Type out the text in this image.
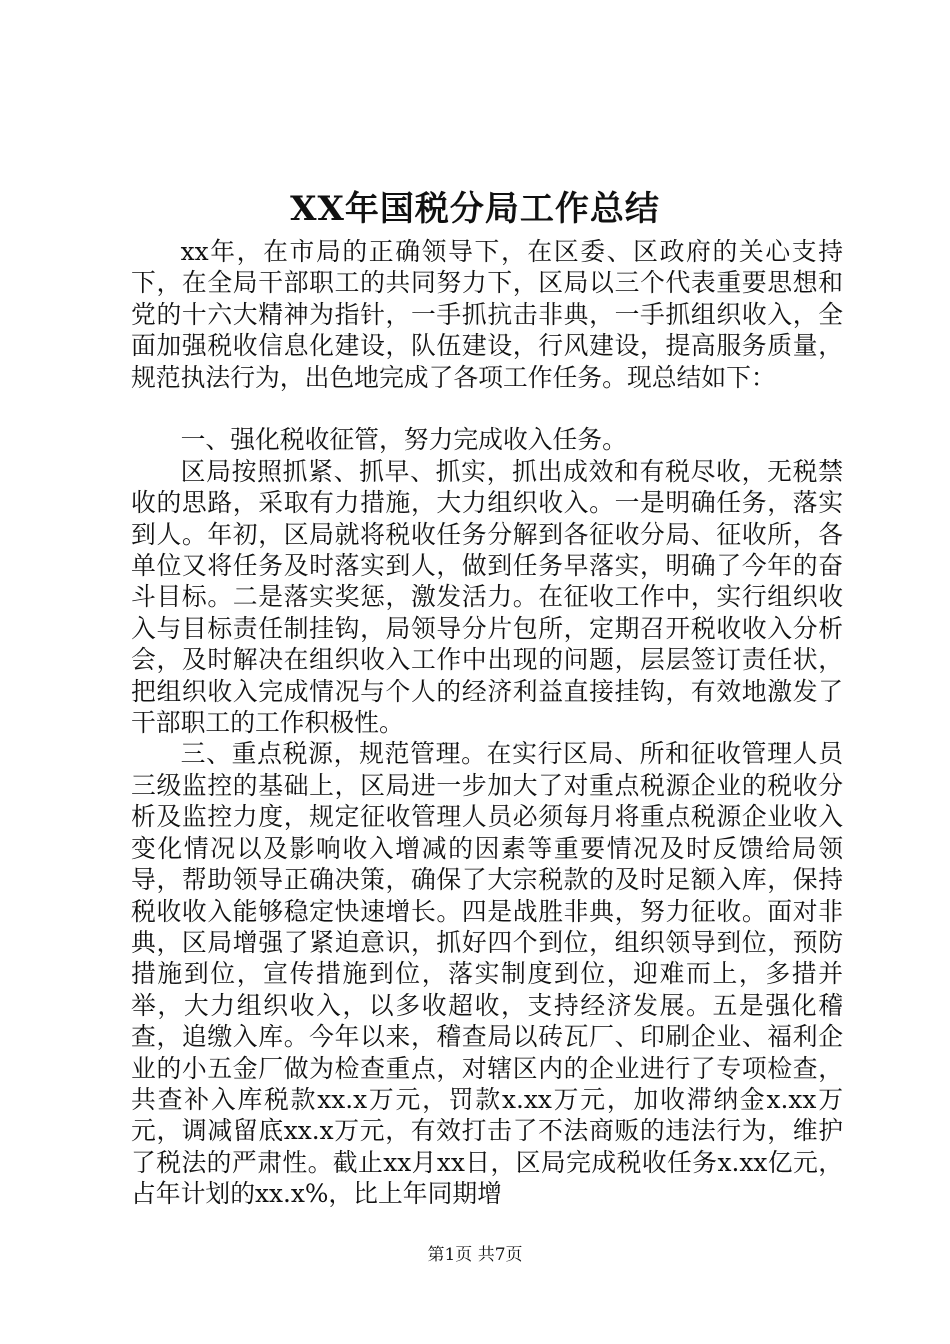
XX年国税分局工作总结

xx年，在市局的正确领导下，在区委、区政府的关心支持下，在全局干部职工的共同努力下，区局以三个代表重要思想和党的十六大精神为指针，一手抓抗击非典，一手抓组织收入，全面加强税收信息化建设，队伍建设，行风建设，提高服务质量，规范执法行为，出色地完成了各项工作任务。现总结如下：

一、强化税收征管，努力完成收入任务。

区局按照抓紧、抓早、抓实，抓出成效和有税尽收，无税禁收的思路，采取有力措施，大力组织收入。一是明确任务，落实到人。年初，区局就将税收任务分解到各征收分局、征收所，各单位又将任务及时落实到人，做到任务早落实，明确了今年的奋斗目标。二是落实奖惩，激发活力。在征收工作中，实行组织收入与目标责任制挂钩，局领导分片包所，定期召开税收收入分析会，及时解决在组织收入工作中出现的问题，层层签订责任状，把组织收入完成情况与个人的经济利益直接挂钩，有效地激发了干部职工的工作积极性。

三、重点税源，规范管理。在实行区局、所和征收管理人员三级监控的基础上，区局进一步加大了对重点税源企业的税收分析及监控力度，规定征收管理人员必须每月将重点税源企业收入变化情况以及影响收入增减的因素等重要情况及时反馈给局领导，帮助领导正确决策，确保了大宗税款的及时足额入库，保持税收收入能够稳定快速增长。四是战胜非典，努力征收。面对非典，区局增强了紧迫意识，抓好四个到位，组织领导到位，预防措施到位，宣传措施到位，落实制度到位，迎难而上，多措并举，大力组织收入，以多收超收，支持经济发展。五是强化稽查，追缴入库。今年以来，稽查局以砖瓦厂、印刷企业、福利企业的小五金厂做为检查重点，对辖区内的企业进行了专项检查，共查补入库税款xx.x万元，罚款x.xx万元，加收滞纳金x.xx万元，调减留底xx.x万元，有效打击了不法商贩的违法行为，维护了税法的严肃性。截止xx月xx日，区局完成税收任务x.xx亿元，占年计划的xx.x%，比上年同期增

第1页 共7页
